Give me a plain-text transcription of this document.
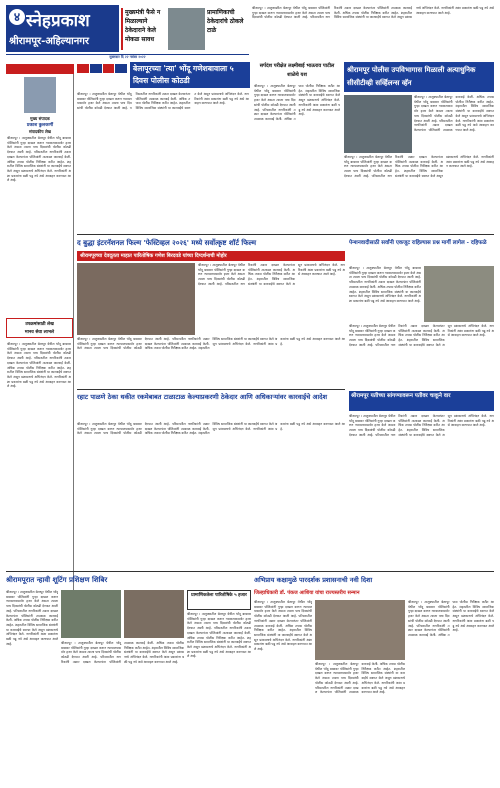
४ स्नेहप्रकाश
श्रीरामपूर-अहिल्यानगर
मुख्यमंत्री फैसे न मिळाल्याने ठेकेदाराने केले मोकळ सावध
प्रामाणिकाची ठेकेदारांचे ठोकले टाळे
मुक्तवार दि २२ नवंबर २०२२
श्रीरामपूर । तालुक्यातील बेलापूर येथील भोंदू बाबावर पोलिसांनी गुन्हा दाखल करून न्यायालयासमोर हजर केले असता त्याला पाच दिवसांची पोलीस कोठडी देण्यात आली आहे. परिसरातील नागरिकांनी तक्रार दाखल केल्यानंतर पोलिसांनी तात्काळ कारवाई केली. अधिक तपास पोलीस निरीक्षक करीत आहेत. शहरातील विविध सामाजिक संस्थांनी या कारवाईचे स्वागत केले असून प्रशासनाचे अभिनंदन केले. नागरिकांनी अशा प्रकारांना बळी पडू नये असे आवाहन करण्यात आले आहे.
मुख्य संपादक
प्रकाश कुलकर्णी
संपादकीय लेख
श्रीरामपूर । तालुक्यातील बेलापूर येथील भोंदू बाबावर पोलिसांनी गुन्हा दाखल करून न्यायालयासमोर हजर केले असता त्याला पाच दिवसांची पोलीस कोठडी देण्यात आली आहे. परिसरातील नागरिकांनी तक्रार दाखल केल्यानंतर पोलिसांनी तात्काळ कारवाई केली. अधिक तपास पोलीस निरीक्षक करीत आहेत. शहरातील विविध सामाजिक संस्थांनी या कारवाईचे स्वागत केले असून प्रशासनाचे अभिनंदन केले. नागरिकांनी अशा प्रकारांना बळी पडू नये असे आवाहन करण्यात आले आहे.
उपक्रमांसाठी लेख
मानव सेवा लाभले
श्रीरामपूर । तालुक्यातील बेलापूर येथील भोंदू बाबावर पोलिसांनी गुन्हा दाखल करून न्यायालयासमोर हजर केले असता त्याला पाच दिवसांची पोलीस कोठडी देण्यात आली आहे. परिसरातील नागरिकांनी तक्रार दाखल केल्यानंतर पोलिसांनी तात्काळ कारवाई केली. अधिक तपास पोलीस निरीक्षक करीत आहेत. शहरातील विविध सामाजिक संस्थांनी या कारवाईचे स्वागत केले असून प्रशासनाचे अभिनंदन केले. नागरिकांनी अशा प्रकारांना बळी पडू नये असे आवाहन करण्यात आले आहे.
बेलापूरच्या 'त्या' भोंदू गणेशबावाला ५ दिवस पोलीस कोठडी
श्रीरामपूर । तालुक्यातील बेलापूर येथील भोंदू बाबावर पोलिसांनी गुन्हा दाखल करून न्यायालयासमोर हजर केले असता त्याला पाच दिवसांची पोलीस कोठडी देण्यात आली आहे. परिसरातील नागरिकांनी तक्रार दाखल केल्यानंतर पोलिसांनी तात्काळ कारवाई केली. अधिक तपास पोलीस निरीक्षक करीत आहेत. शहरातील विविध सामाजिक संस्थांनी या कारवाईचे स्वागत केले असून प्रशासनाचे अभिनंदन केले. नागरिकांनी अशा प्रकारांना बळी पडू नये असे आवाहन करण्यात आले आहे.
सर्पदंश परीक्षेत लक्ष्मीबाई भाऊराव पाटील शाळेचे यश
श्रीरामपूर । तालुक्यातील बेलापूर येथील भोंदू बाबावर पोलिसांनी गुन्हा दाखल करून न्यायालयासमोर हजर केले असता त्याला पाच दिवसांची पोलीस कोठडी देण्यात आली आहे. परिसरातील नागरिकांनी तक्रार दाखल केल्यानंतर पोलिसांनी तात्काळ कारवाई केली. अधिक तपास पोलीस निरीक्षक करीत आहेत. शहरातील विविध सामाजिक संस्थांनी या कारवाईचे स्वागत केले असून प्रशासनाचे अभिनंदन केले. नागरिकांनी अशा प्रकारांना बळी पडू नये असे आवाहन करण्यात आले आहे.
श्रीरामपूर पोलीस उपविभागास मिळाली अत्याधुनिक सीसीटीव्ही सर्व्हिलन्स व्हॅन
श्रीरामपूर । तालुक्यातील बेलापूर येथील भोंदू बाबावर पोलिसांनी गुन्हा दाखल करून न्यायालयासमोर हजर केले असता त्याला पाच दिवसांची पोलीस कोठडी देण्यात आली आहे. परिसरातील नागरिकांनी तक्रार दाखल केल्यानंतर पोलिसांनी तात्काळ कारवाई केली. अधिक तपास पोलीस निरीक्षक करीत आहेत. शहरातील विविध सामाजिक संस्थांनी या कारवाईचे स्वागत केले असून प्रशासनाचे अभिनंदन केले. नागरिकांनी अशा प्रकारांना बळी पडू नये असे आवाहन करण्यात आले आहे.
श्रीरामपूर । तालुक्यातील बेलापूर येथील भोंदू बाबावर पोलिसांनी गुन्हा दाखल करून न्यायालयासमोर हजर केले असता त्याला पाच दिवसांची पोलीस कोठडी देण्यात आली आहे. परिसरातील नागरिकांनी तक्रार दाखल केल्यानंतर पोलिसांनी तात्काळ कारवाई केली. अधिक तपास पोलीस निरीक्षक करीत आहेत. शहरातील विविध सामाजिक संस्थांनी या कारवाईचे स्वागत केले असून प्रशासनाचे अभिनंदन केले. नागरिकांनी अशा प्रकारांना बळी पडू नये असे आवाहन करण्यात आले आहे.
द बुद्धा इंटरनॅशनल फिल्म 'फेस्टिव्हल २०२६' मध्ये सर्वोत्कृष्ट शॉर्ट फिल्म
श्रीरामपूरच्या देवदूतता माहात पारितोषिक गणेश बिरदवडे यांच्या दिग्दर्शनाची मोहोर
श्रीरामपूर । तालुक्यातील बेलापूर येथील भोंदू बाबावर पोलिसांनी गुन्हा दाखल करून न्यायालयासमोर हजर केले असता त्याला पाच दिवसांची पोलीस कोठडी देण्यात आली आहे. परिसरातील नागरिकांनी तक्रार दाखल केल्यानंतर पोलिसांनी तात्काळ कारवाई केली. अधिक तपास पोलीस निरीक्षक करीत आहेत. शहरातील विविध सामाजिक संस्थांनी या कारवाईचे स्वागत केले असून प्रशासनाचे अभिनंदन केले. नागरिकांनी अशा प्रकारांना बळी पडू नये असे आवाहन करण्यात आले आहे.
श्रीरामपूर । तालुक्यातील बेलापूर येथील भोंदू बाबावर पोलिसांनी गुन्हा दाखल करून न्यायालयासमोर हजर केले असता त्याला पाच दिवसांची पोलीस कोठडी देण्यात आली आहे. परिसरातील नागरिकांनी तक्रार दाखल केल्यानंतर पोलिसांनी तात्काळ कारवाई केली. अधिक तपास पोलीस निरीक्षक करीत आहेत. शहरातील विविध सामाजिक संस्थांनी या कारवाईचे स्वागत केले असून प्रशासनाचे अभिनंदन केले. नागरिकांनी अशा प्रकारांना बळी पडू नये असे आवाहन करण्यात आले आहे.
पेन्शनवादीसाठी सर्वांनी एकजूट राहिल्यास प्रश्न मार्गी लागेल - दहिफळे
श्रीरामपूर । तालुक्यातील बेलापूर येथील भोंदू बाबावर पोलिसांनी गुन्हा दाखल करून न्यायालयासमोर हजर केले असता त्याला पाच दिवसांची पोलीस कोठडी देण्यात आली आहे. परिसरातील नागरिकांनी तक्रार दाखल केल्यानंतर पोलिसांनी तात्काळ कारवाई केली. अधिक तपास पोलीस निरीक्षक करीत आहेत. शहरातील विविध सामाजिक संस्थांनी या कारवाईचे स्वागत केले असून प्रशासनाचे अभिनंदन केले. नागरिकांनी अशा प्रकारांना बळी पडू नये असे आवाहन करण्यात आले आहे.
श्रीरामपूर । तालुक्यातील बेलापूर येथील भोंदू बाबावर पोलिसांनी गुन्हा दाखल करून न्यायालयासमोर हजर केले असता त्याला पाच दिवसांची पोलीस कोठडी देण्यात आली आहे. परिसरातील नागरिकांनी तक्रार दाखल केल्यानंतर पोलिसांनी तात्काळ कारवाई केली. अधिक तपास पोलीस निरीक्षक करीत आहेत. शहरातील विविध सामाजिक संस्थांनी या कारवाईचे स्वागत केले असून प्रशासनाचे अभिनंदन केले. नागरिकांनी अशा प्रकारांना बळी पडू नये असे आवाहन करण्यात आले आहे.
रहाट पाळणे ठेका थकीत रकमेबाबत टाळाटाळ केल्याप्रकरणी ठेकेदार आणि अधिकाऱ्यांवर कारवाईचे आदेश
श्रीरामपूर । तालुक्यातील बेलापूर येथील भोंदू बाबावर पोलिसांनी गुन्हा दाखल करून न्यायालयासमोर हजर केले असता त्याला पाच दिवसांची पोलीस कोठडी देण्यात आली आहे. परिसरातील नागरिकांनी तक्रार दाखल केल्यानंतर पोलिसांनी तात्काळ कारवाई केली. अधिक तपास पोलीस निरीक्षक करीत आहेत. शहरातील विविध सामाजिक संस्थांनी या कारवाईचे स्वागत केले असून प्रशासनाचे अभिनंदन केले. नागरिकांनी अशा प्रकारांना बळी पडू नये असे आवाहन करण्यात आले आहे.
श्रीरामपूर यतीच्या सांगण्यावरून पतीवर चाकूने वार
श्रीरामपूर । तालुक्यातील बेलापूर येथील भोंदू बाबावर पोलिसांनी गुन्हा दाखल करून न्यायालयासमोर हजर केले असता त्याला पाच दिवसांची पोलीस कोठडी देण्यात आली आहे. परिसरातील नागरिकांनी तक्रार दाखल केल्यानंतर पोलिसांनी तात्काळ कारवाई केली. अधिक तपास पोलीस निरीक्षक करीत आहेत. शहरातील विविध सामाजिक संस्थांनी या कारवाईचे स्वागत केले असून प्रशासनाचे अभिनंदन केले. नागरिकांनी अशा प्रकारांना बळी पडू नये असे आवाहन करण्यात आले आहे.
श्रीरामपूरात न्हावी शूटिंग प्रशिक्षण शिबिर
श्रीरामपूर । तालुक्यातील बेलापूर येथील भोंदू बाबावर पोलिसांनी गुन्हा दाखल करून न्यायालयासमोर हजर केले असता त्याला पाच दिवसांची पोलीस कोठडी देण्यात आली आहे. परिसरातील नागरिकांनी तक्रार दाखल केल्यानंतर पोलिसांनी तात्काळ कारवाई केली. अधिक तपास पोलीस निरीक्षक करीत आहेत. शहरातील विविध सामाजिक संस्थांनी या कारवाईचे स्वागत केले असून प्रशासनाचे अभिनंदन केले. नागरिकांनी अशा प्रकारांना बळी पडू नये असे आवाहन करण्यात आले आहे.	श्रीरामपूर । तालुक्यातील बेलापूर येथील भोंदू बाबावर पोलिसांनी गुन्हा दाखल करून न्यायालयासमोर हजर केले असता त्याला पाच दिवसांची पोलीस कोठडी देण्यात आली आहे. परिसरातील नागरिकांनी तक्रार दाखल केल्यानंतर पोलिसांनी तात्काळ कारवाई केली. अधिक तपास पोलीस निरीक्षक करीत आहेत. शहरातील विविध सामाजिक संस्थांनी या कारवाईचे स्वागत केले असून प्रशासनाचे अभिनंदन केले. नागरिकांनी अशा प्रकारांना बळी पडू नये असे आवाहन करण्यात आले आहे.
प्रामाणिकतेला पारितोषिके ५ हजार
श्रीरामपूर । तालुक्यातील बेलापूर येथील भोंदू बाबावर पोलिसांनी गुन्हा दाखल करून न्यायालयासमोर हजर केले असता त्याला पाच दिवसांची पोलीस कोठडी देण्यात आली आहे. परिसरातील नागरिकांनी तक्रार दाखल केल्यानंतर पोलिसांनी तात्काळ कारवाई केली. अधिक तपास पोलीस निरीक्षक करीत आहेत. शहरातील विविध सामाजिक संस्थांनी या कारवाईचे स्वागत केले असून प्रशासनाचे अभिनंदन केले. नागरिकांनी अशा प्रकारांना बळी पडू नये असे आवाहन करण्यात आले आहे.
अभिप्राय कक्षामुळे पारदर्शक प्रशासनाची नवी दिशा
जिल्हाधिकारी डॉ. पंकज आशिया यांचा राज्यस्तरीय सन्मान
श्रीरामपूर । तालुक्यातील बेलापूर येथील भोंदू बाबावर पोलिसांनी गुन्हा दाखल करून न्यायालयासमोर हजर केले असता त्याला पाच दिवसांची पोलीस कोठडी देण्यात आली आहे. परिसरातील नागरिकांनी तक्रार दाखल केल्यानंतर पोलिसांनी तात्काळ कारवाई केली. अधिक तपास पोलीस निरीक्षक करीत आहेत. शहरातील विविध सामाजिक संस्थांनी या कारवाईचे स्वागत केले असून प्रशासनाचे अभिनंदन केले. नागरिकांनी अशा प्रकारांना बळी पडू नये असे आवाहन करण्यात आले आहे.
श्रीरामपूर । तालुक्यातील बेलापूर येथील भोंदू बाबावर पोलिसांनी गुन्हा दाखल करून न्यायालयासमोर हजर केले असता त्याला पाच दिवसांची पोलीस कोठडी देण्यात आली आहे. परिसरातील नागरिकांनी तक्रार दाखल केल्यानंतर पोलिसांनी तात्काळ कारवाई केली. अधिक तपास पोलीस निरीक्षक करीत आहेत. शहरातील विविध सामाजिक संस्थांनी या कारवाईचे स्वागत केले असून प्रशासनाचे अभिनंदन केले. नागरिकांनी अशा प्रकारांना बळी पडू नये असे आवाहन करण्यात आले आहे.
श्रीरामपूर । तालुक्यातील बेलापूर येथील भोंदू बाबावर पोलिसांनी गुन्हा दाखल करून न्यायालयासमोर हजर केले असता त्याला पाच दिवसांची पोलीस कोठडी देण्यात आली आहे. परिसरातील नागरिकांनी तक्रार दाखल केल्यानंतर पोलिसांनी तात्काळ कारवाई केली. अधिक तपास पोलीस निरीक्षक करीत आहेत. शहरातील विविध सामाजिक संस्थांनी या कारवाईचे स्वागत केले असून प्रशासनाचे अभिनंदन केले. नागरिकांनी अशा प्रकारांना बळी पडू नये असे आवाहन करण्यात आले आहे.
